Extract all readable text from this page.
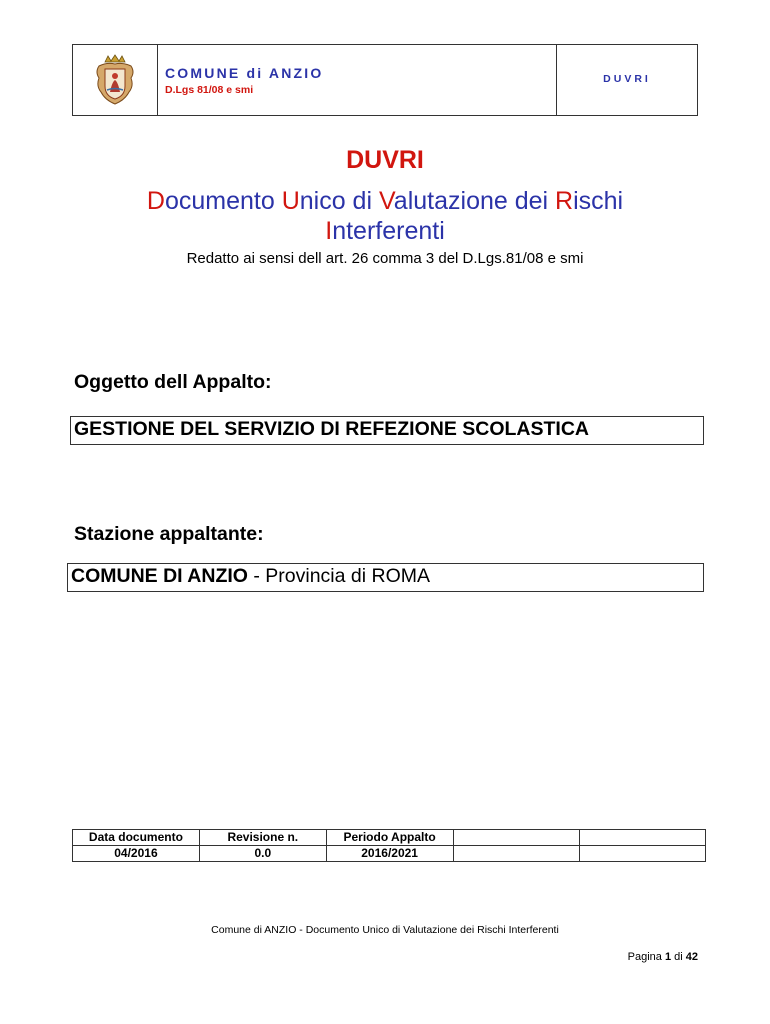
COMUNE di ANZIO
D.Lgs 81/08 e smi
DUVRI
DUVRI
Documento Unico di Valutazione dei Rischi Interferenti
Redatto ai sensi dell art. 26 comma 3 del D.Lgs.81/08 e smi
Oggetto dell Appalto:
GESTIONE DEL SERVIZIO DI REFEZIONE SCOLASTICA
Stazione appaltante:
COMUNE DI ANZIO - Provincia di ROMA
Data documento	Revisione n.	Periodo Appalto		
04/2016	0.0	2016/2021		
Comune di ANZIO - Documento Unico di Valutazione dei Rischi Interferenti
Pagina 1 di 42
